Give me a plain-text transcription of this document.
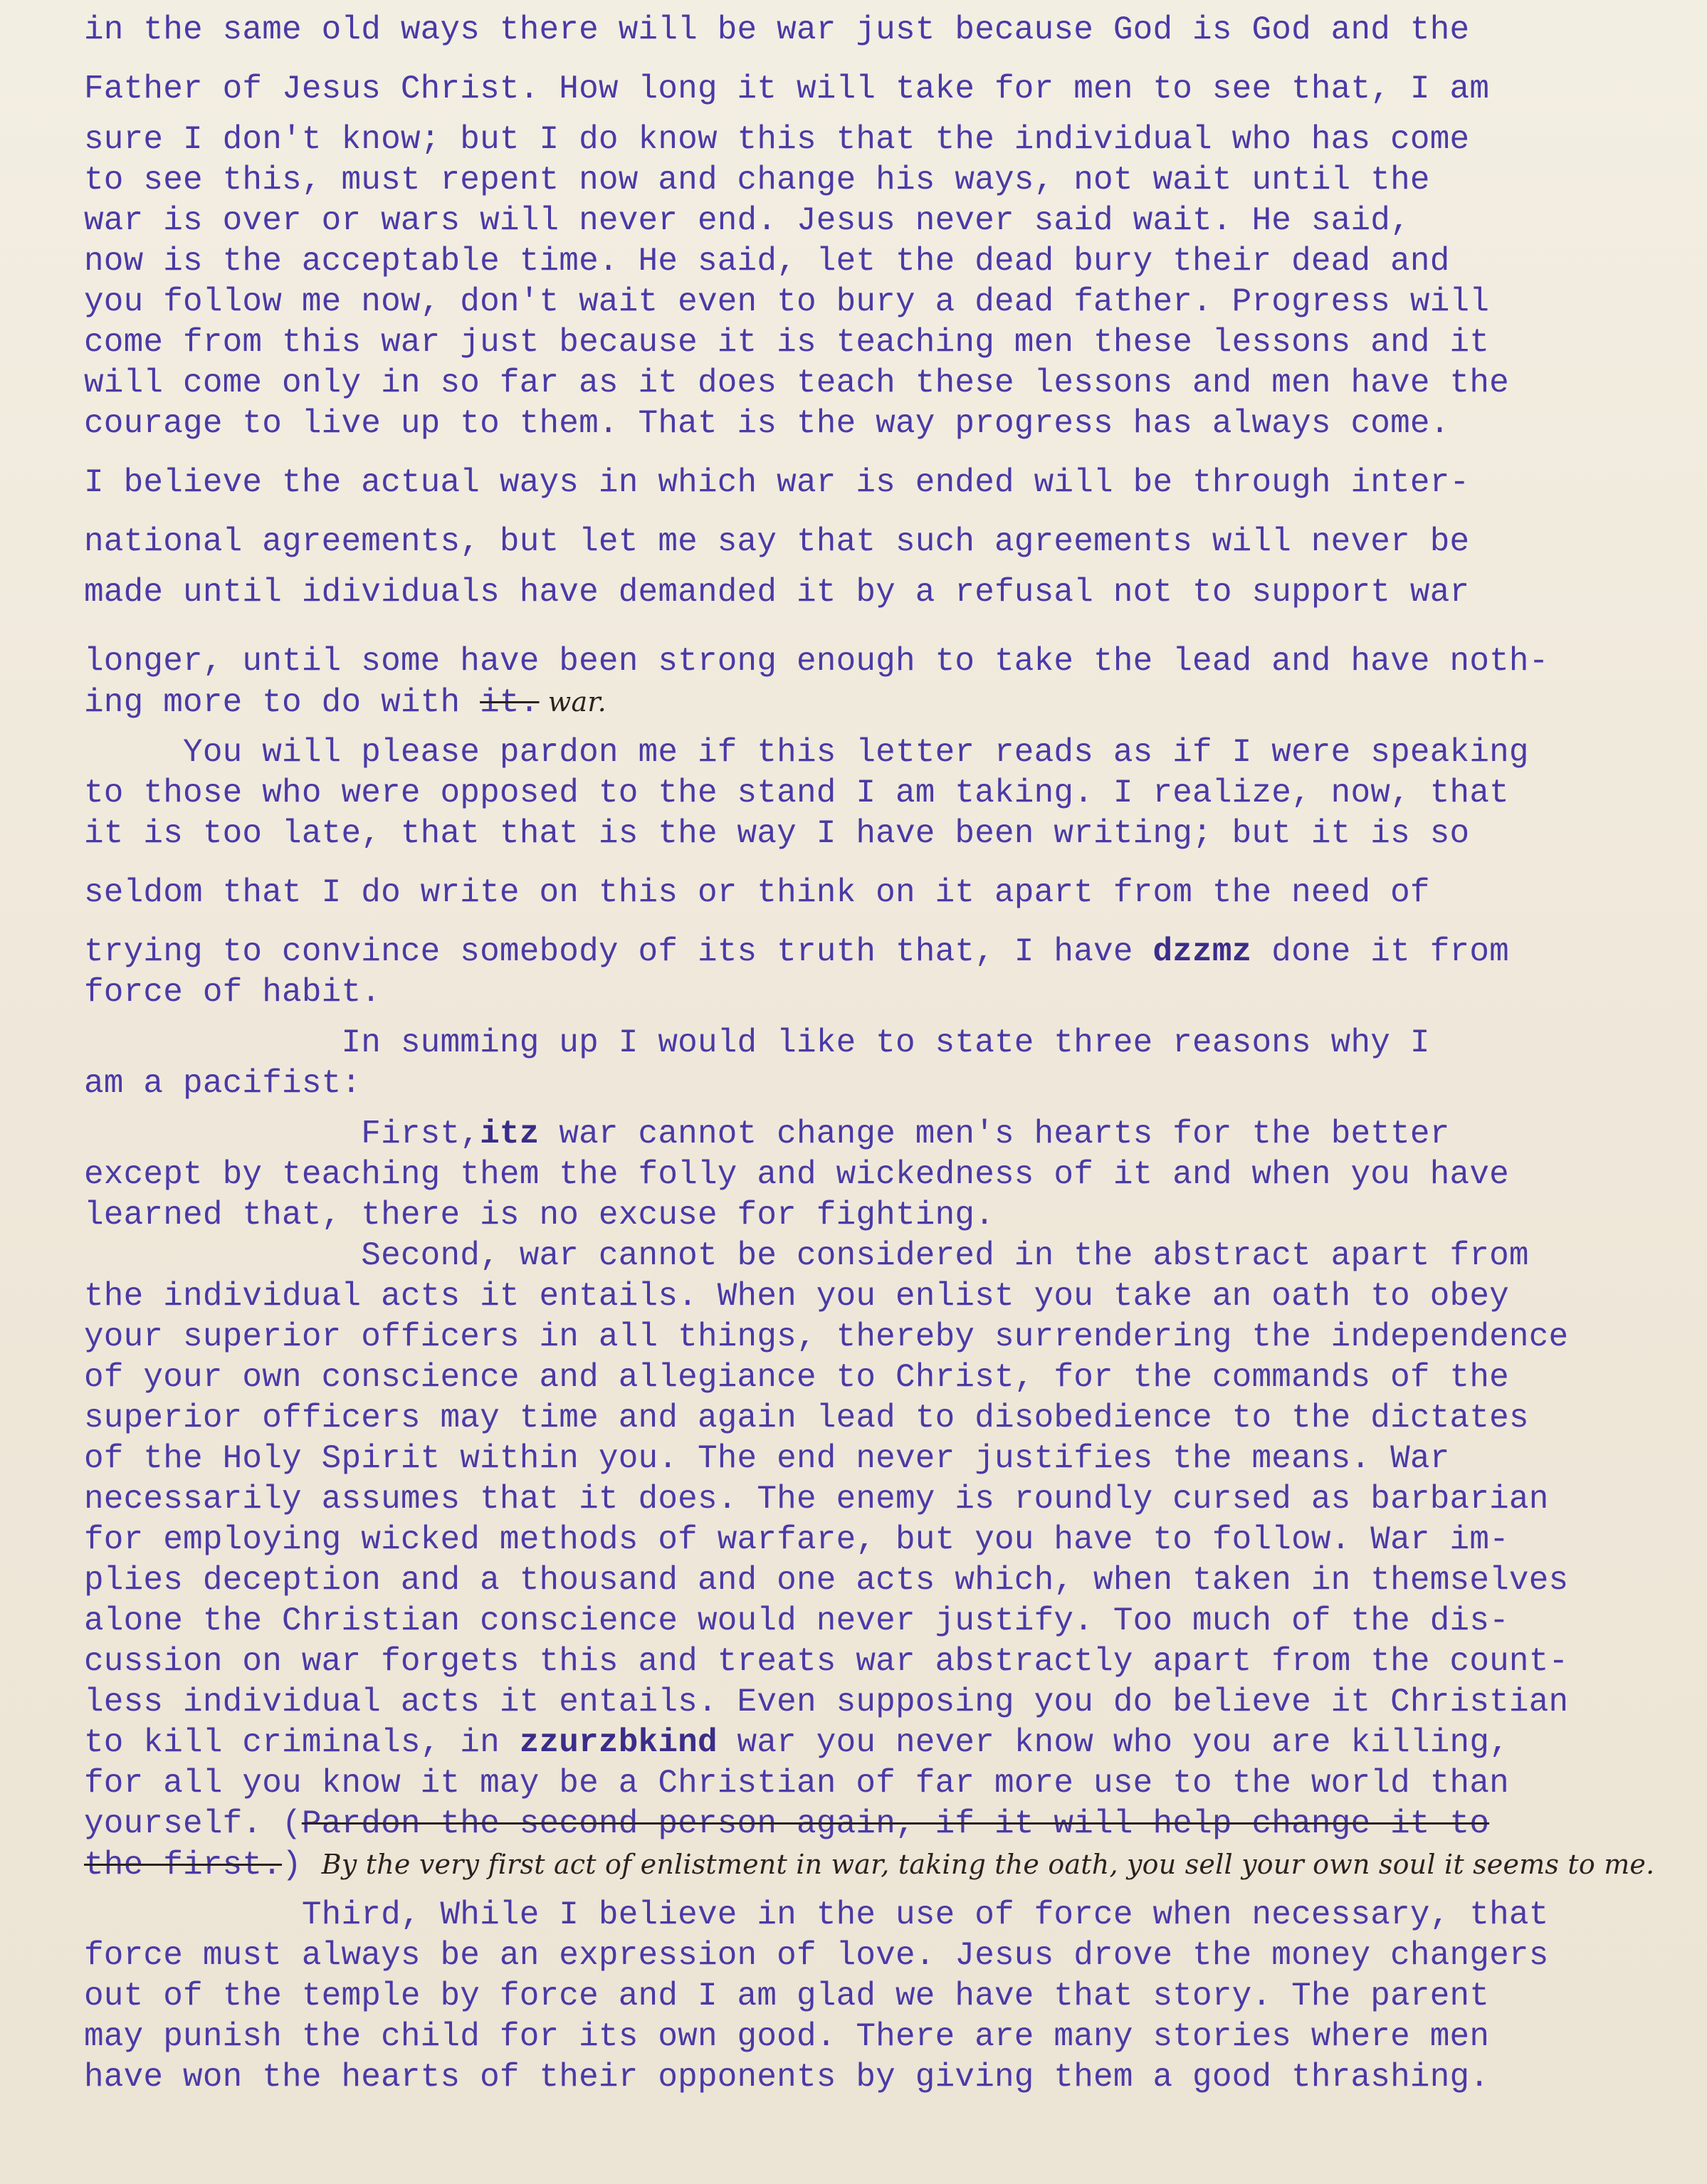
in the same old ways there will be war just because God is God and the
Father of Jesus Christ. How long it will take for men to see that, I am
sure I don't know; but I do know this that the individual who has come
to see this, must repent now and change his ways, not wait until the
war is over or wars will never end. Jesus never said wait. He said,
now is the acceptable time. He said, let the dead bury their dead and
you follow me now, don't wait even to bury a dead father. Progress will
come from this war just because it is teaching men these lessons and it
will come only in so far as it does teach these lessons and men have the
courage to live up to them. That is the way progress has always come.
I believe the actual ways in which war is ended will be through inter-
national agreements, but let me say that such agreements will never be
made until idividuals have demanded it by a refusal not to support war
longer, until some have been strong enough to take the lead and have noth-
ing more to do with it. war.
You will please pardon me if this letter reads as if I were speaking
to those who were opposed to the stand I am taking. I realize, now, that
it is too late, that that is the way I have been writing; but it is so
seldom that I do write on this or think on it apart from the need of
trying to convince somebody of its truth that, I have dzzmz done it from
force of habit.
In summing up I would like to state three reasons why I
am a pacifist:
First,itz war cannot change men's hearts for the better
except by teaching them the folly and wickedness of it and when you have
learned that, there is no excuse for fighting.
Second, war cannot be considered in the abstract apart from
the individual acts it entails. When you enlist you take an oath to obey
your superior officers in all things, thereby surrendering the independence
of your own conscience and allegiance to Christ, for the commands of the
superior officers may time and again lead to disobedience to the dictates
of the Holy Spirit within you. The end never justifies the means. War
necessarily assumes that it does. The enemy is roundly cursed as barbarian
for employing wicked methods of warfare, but you have to follow. War im-
plies deception and a thousand and one acts which, when taken in themselves
alone the Christian conscience would never justify. Too much of the dis-
cussion on war forgets this and treats war abstractly apart from the count-
less individual acts it entails. Even supposing you do believe it Christian
to kill criminals, in zzurzbkind war you never know who you are killing,
for all you know it may be a Christian of far more use to the world than
yourself. (Pardon the second person again, if it will help change it to
the first.) By the very first act of enlistment in war, taking the oath, you sell your own soul it seems to me.
Third, While I believe in the use of force when necessary, that
force must always be an expression of love. Jesus drove the money changers
out of the temple by force and I am glad we have that story. The parent
may punish the child for its own good. There are many stories where men
have won the hearts of their opponents by giving them a good thrashing.
